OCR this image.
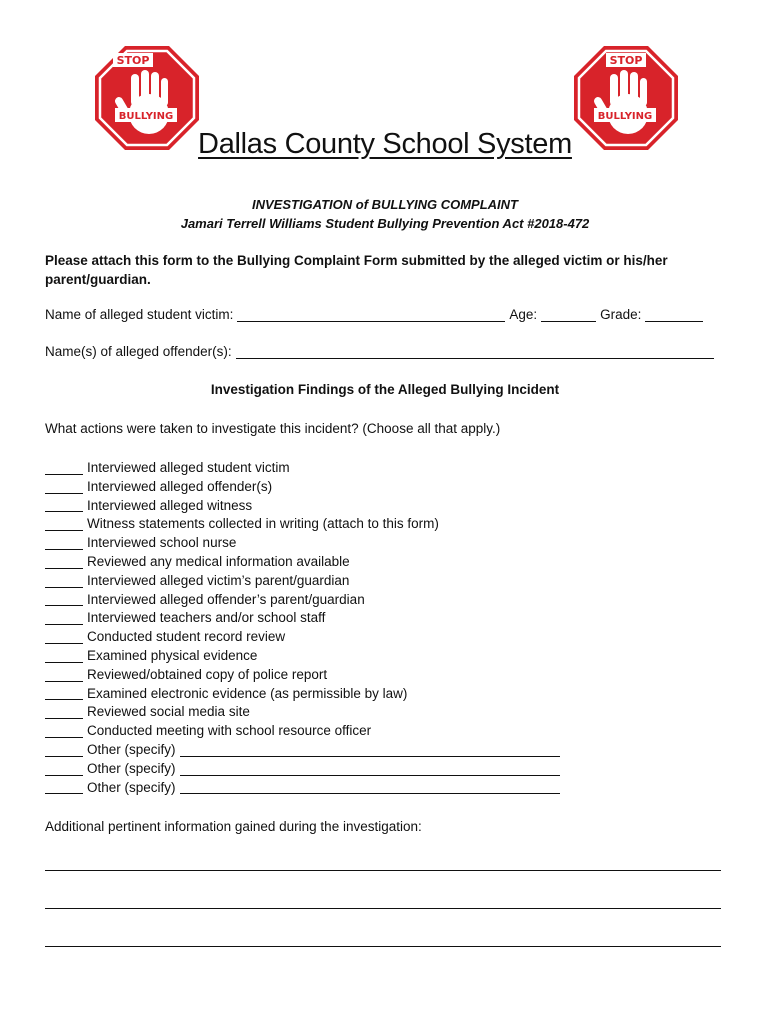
STOP
BULLYING
STOP
BULLYING
Dallas County School System
INVESTIGATION of BULLYING COMPLAINT
Jamari Terrell Williams Student Bullying Prevention Act #2018-472
Please attach this form to the Bullying Complaint Form submitted by the alleged victim or his/her parent/guardian.
Name of alleged student victim:	Age:	Grade:
Name(s) of alleged offender(s):
Investigation Findings of the Alleged Bullying Incident
What actions were taken to investigate this incident? (Choose all that apply.)
Interviewed alleged student victim
Interviewed alleged offender(s)
Interviewed alleged witness
Witness statements collected in writing (attach to this form)
Interviewed school nurse
Reviewed any medical information available
Interviewed alleged victim’s parent/guardian
Interviewed alleged offender’s parent/guardian
Interviewed teachers and/or school staff
Conducted student record review
Examined physical evidence
Reviewed/obtained copy of police report
Examined electronic evidence (as permissible by law)
Reviewed social media site
Conducted meeting with school resource officer
Other (specify)
Other (specify)
Other (specify)
Additional pertinent information gained during the investigation:
